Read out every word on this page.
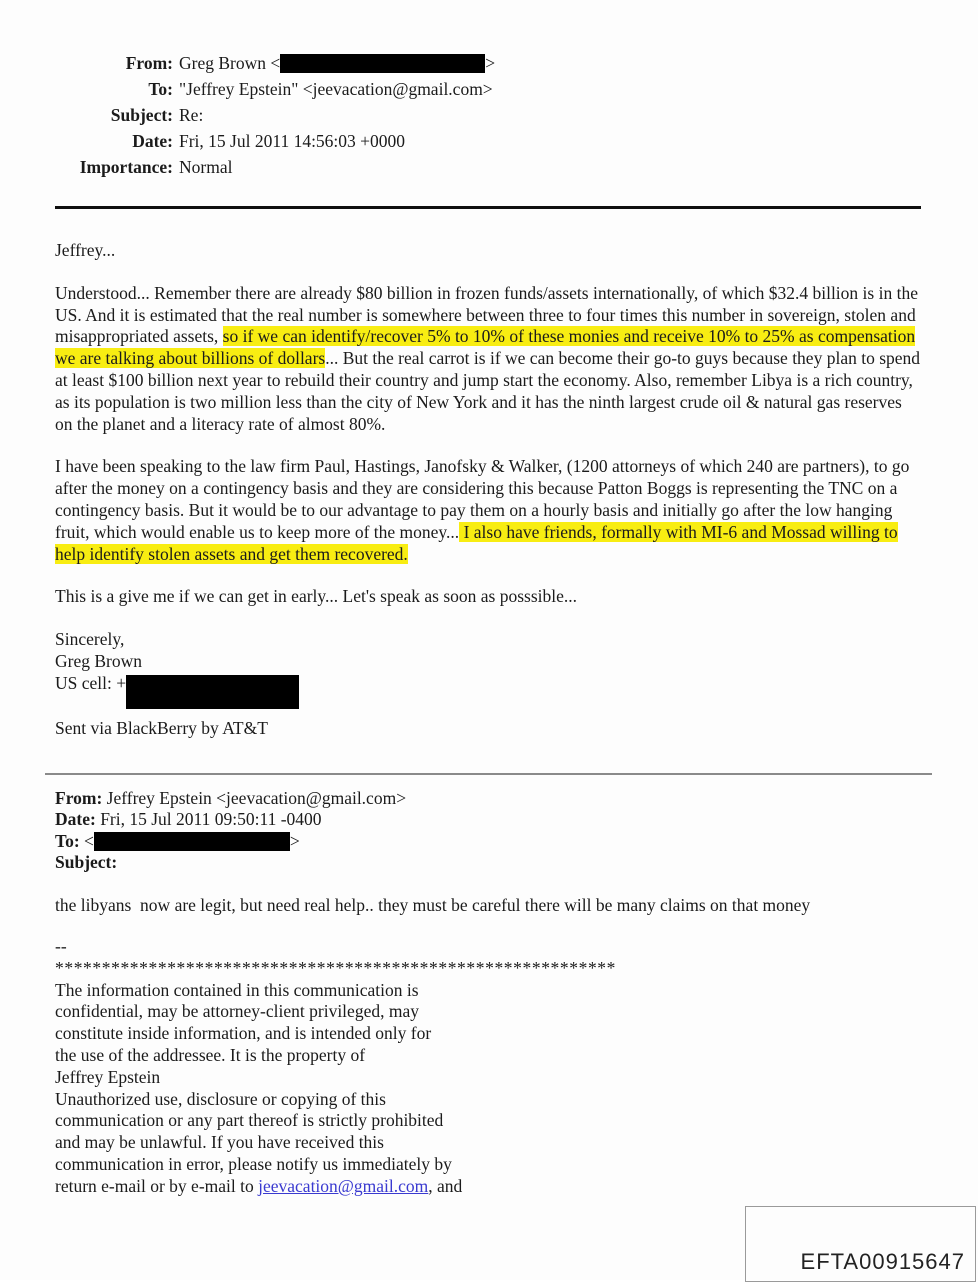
From: Greg Brown <	>
To: "Jeffrey Epstein" <jeevacation@gmail.com>
Subject: Re:
Date: Fri, 15 Jul 2011 14:56:03 +0000
Importance: Normal

Jeffrey...

Understood... Remember there are already $80 billion in frozen funds/assets internationally, of which $32.4 billion is in the US. And it is estimated that the real number is somewhere between three to four times this number in sovereign, stolen and misappropriated assets, so if we can identify/recover 5% to 10% of these monies and receive 10% to 25% as compensation we are talking about billions of dollars... But the real carrot is if we can become their go-to guys because they plan to spend at least $100 billion next year to rebuild their country and jump start the economy. Also, remember Libya is a rich country, as its population is two million less than the city of New York and it has the ninth largest crude oil & natural gas reserves on the planet and a literacy rate of almost 80%.

I have been speaking to the law firm Paul, Hastings, Janofsky & Walker, (1200 attorneys of which 240 are partners), to go after the money on a contingency basis and they are considering this because Patton Boggs is representing the TNC on a contingency basis. But it would be to our advantage to pay them on a hourly basis and initially go after the low hanging fruit, which would enable us to keep more of the money... I also have friends, formally with MI-6 and Mossad willing to help identify stolen assets and get them recovered.

This is a give me if we can get in early... Let's speak as soon as posssible...

Sincerely,
Greg Brown
US cell: +
Sent via BlackBerry by AT&T

From: Jeffrey Epstein <jeevacation@gmail.com>
Date: Fri, 15 Jul 2011 09:50:11 -0400
To: <	>
Subject:
the libyans  now are legit, but need real help.. they must be careful there will be many claims on that money
--
************************************************************
The information contained in this communication is
confidential, may be attorney-client privileged, may
constitute inside information, and is intended only for
the use of the addressee. It is the property of
Jeffrey Epstein
Unauthorized use, disclosure or copying of this
communication or any part thereof is strictly prohibited
and may be unlawful. If you have received this
communication in error, please notify us immediately by
return e-mail or by e-mail to jeevacation@gmail.com, and
EFTA00915647
